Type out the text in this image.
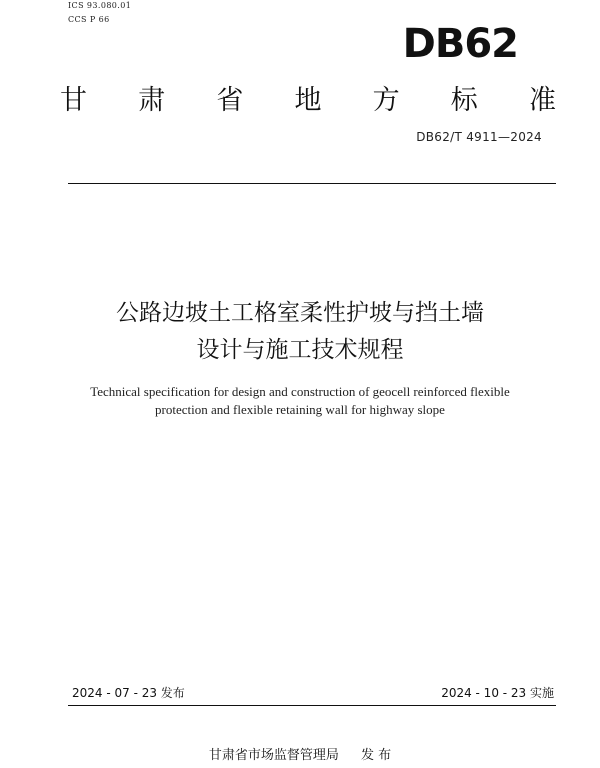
ICS 93.080.01
CCS P 66
DB62
甘 肃 省 地 方 标 准
DB62/T 4911—2024
公路边坡土工格室柔性护坡与挡土墙
设计与施工技术规程
Technical specification for design and construction of geocell reinforced flexible
protection and flexible retaining wall for highway slope
2024 - 07 - 23 发布	2024 - 10 - 23 实施
甘肃省市场监督管理局 发 布
